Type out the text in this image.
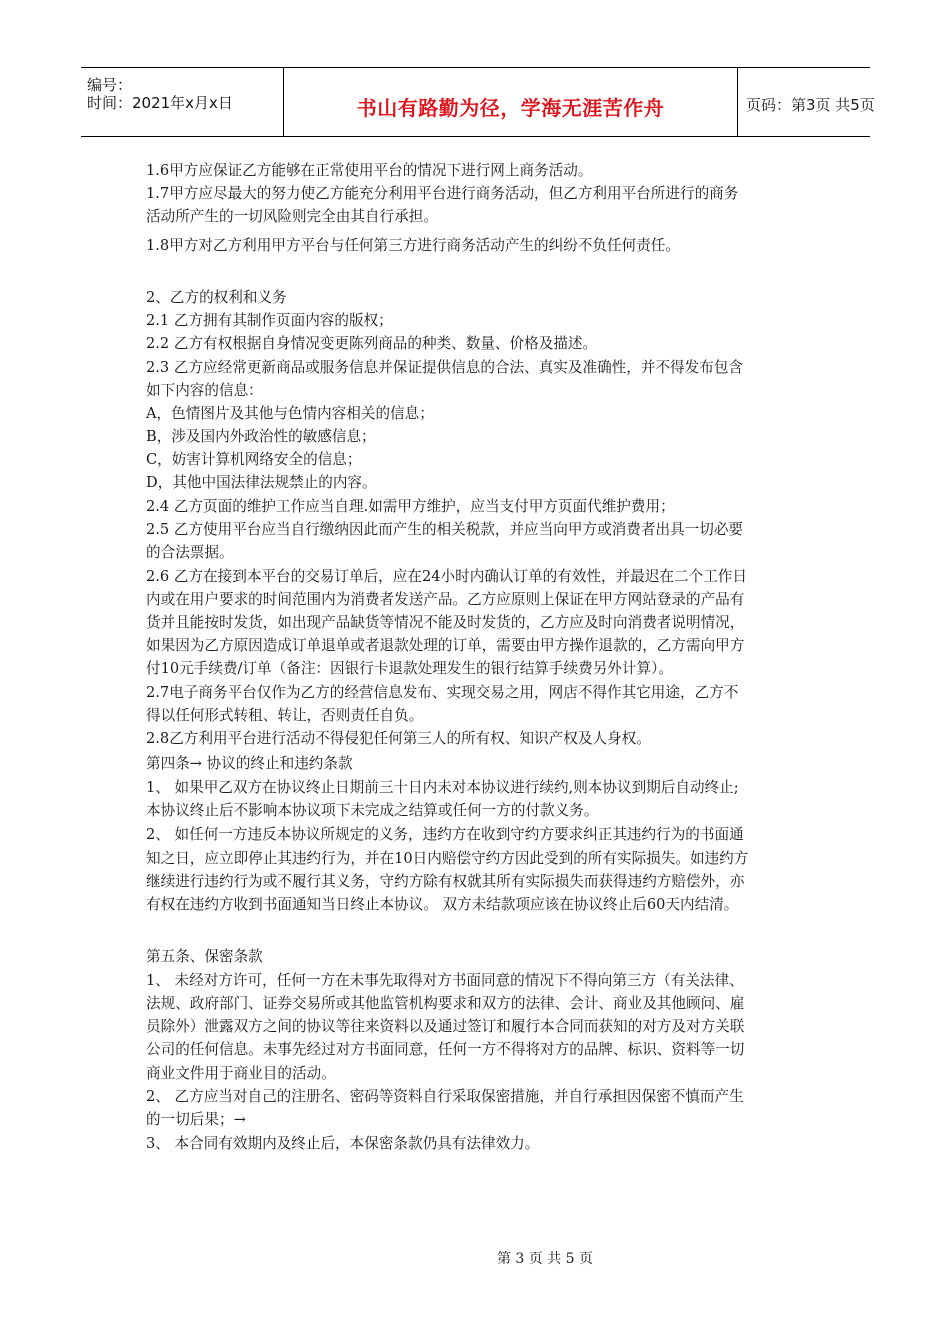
编号：
时间：2021年x月x日	书山有路勤为径，学海无涯苦作舟	页码：第3页 共5页
1.6甲方应保证乙方能够在正常使用平台的情况下进行网上商务活动。
1.7甲方应尽最大的努力使乙方能充分利用平台进行商务活动，但乙方利用平台所进行的商务
活动所产生的一切风险则完全由其自行承担。
1.8甲方对乙方利用甲方平台与任何第三方进行商务活动产生的纠纷不负任何责任。
2、乙方的权利和义务
2.1 乙方拥有其制作页面内容的版权；
2.2 乙方有权根据自身情况变更陈列商品的种类、数量、价格及描述。
2.3 乙方应经常更新商品或服务信息并保证提供信息的合法、真实及准确性，并不得发布包含
如下内容的信息：
A，色情图片及其他与色情内容相关的信息；
B，涉及国内外政治性的敏感信息；
C，妨害计算机网络安全的信息；
D，其他中国法律法规禁止的内容。
2.4 乙方页面的维护工作应当自理.如需甲方维护，应当支付甲方页面代维护费用；
2.5 乙方使用平台应当自行缴纳因此而产生的相关税款，并应当向甲方或消费者出具一切必要
的合法票据。
2.6 乙方在接到本平台的交易订单后，应在24小时内确认订单的有效性，并最迟在二个工作日
内或在用户要求的时间范围内为消费者发送产品。乙方应原则上保证在甲方网站登录的产品有
货并且能按时发货，如出现产品缺货等情况不能及时发货的，乙方应及时向消费者说明情况，
如果因为乙方原因造成订单退单或者退款处理的订单，需要由甲方操作退款的，乙方需向甲方
付10元手续费/订单（备注：因银行卡退款处理发生的银行结算手续费另外计算）。
2.7电子商务平台仅作为乙方的经营信息发布、实现交易之用，网店不得作其它用途，乙方不
得以任何形式转租、转让，否则责任自负。
2.8乙方利用平台进行活动不得侵犯任何第三人的所有权、知识产权及人身权。
第四条→ 协议的终止和违约条款
1、 如果甲乙双方在协议终止日期前三十日内未对本协议进行续约,则本协议到期后自动终止;
本协议终止后不影响本协议项下未完成之结算或任何一方的付款义务。
2、 如任何一方违反本协议所规定的义务，违约方在收到守约方要求纠正其违约行为的书面通
知之日，应立即停止其违约行为，并在10日内赔偿守约方因此受到的所有实际损失。如违约方
继续进行违约行为或不履行其义务，守约方除有权就其所有实际损失而获得违约方赔偿外，亦
有权在违约方收到书面通知当日终止本协议。 双方未结款项应该在协议终止后60天内结清。
第五条、保密条款
1、 未经对方许可，任何一方在未事先取得对方书面同意的情况下不得向第三方（有关法律、
法规、政府部门、证券交易所或其他监管机构要求和双方的法律、会计、商业及其他顾问、雇
员除外）泄露双方之间的协议等往来资料以及通过签订和履行本合同而获知的对方及对方关联
公司的任何信息。未事先经过对方书面同意，任何一方不得将对方的品牌、标识、资料等一切
商业文件用于商业目的活动。
2、 乙方应当对自己的注册名、密码等资料自行采取保密措施，并自行承担因保密不慎而产生
的一切后果；→
3、 本合同有效期内及终止后，本保密条款仍具有法律效力。
第 3 页 共 5 页
